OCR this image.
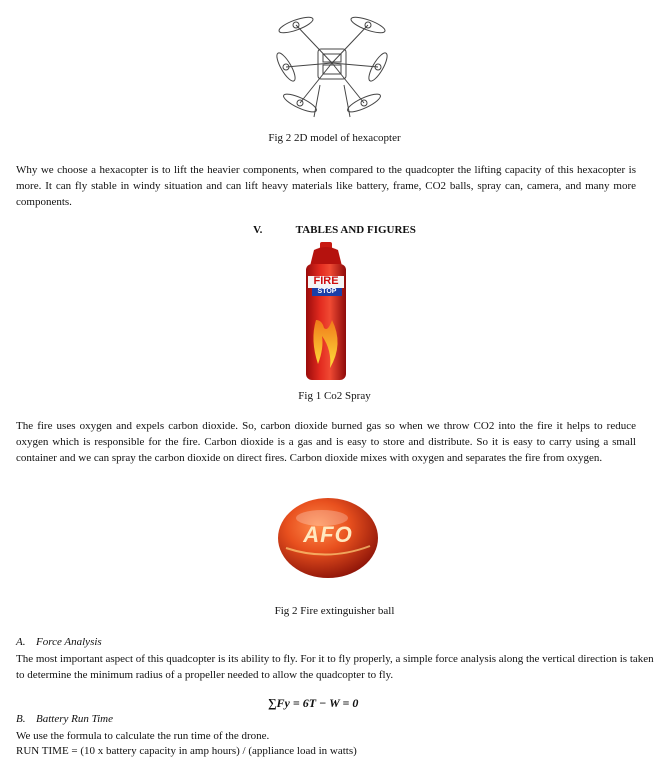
Fig 2 2D model of hexacopter
Why we choose a hexacopter is to lift the heavier components, when compared to the quadcopter the lifting capacity of this hexacopter is more. It can fly stable in windy situation and can lift heavy materials like battery, frame, CO2 balls, spray can, camera, and many more components.
V.	TABLES AND FIGURES
FIRE
STOP
Fig 1 Co2 Spray
The fire uses oxygen and expels carbon dioxide. So, carbon dioxide burned gas so when we throw CO2 into the fire it helps to reduce oxygen which is responsible for the fire. Carbon dioxide is a gas and is easy to store and distribute. So it is easy to carry using a small container and we can spray the carbon dioxide on direct fires. Carbon dioxide mixes with oxygen and separates the fire from oxygen.
AFO
Fig 2 Fire extinguisher ball
A. Force Analysis
The most important aspect of this quadcopter is its ability to fly. For it to fly properly, a simple force analysis along the vertical direction is taken to determine the minimum radius of a propeller needed to allow the quadcopter to fly.
∑Fy = 6T − W = 0
B. Battery Run Time
We use the formula to calculate the run time of the drone.
RUN TIME = (10 x battery capacity in amp hours) / (appliance load in watts)
